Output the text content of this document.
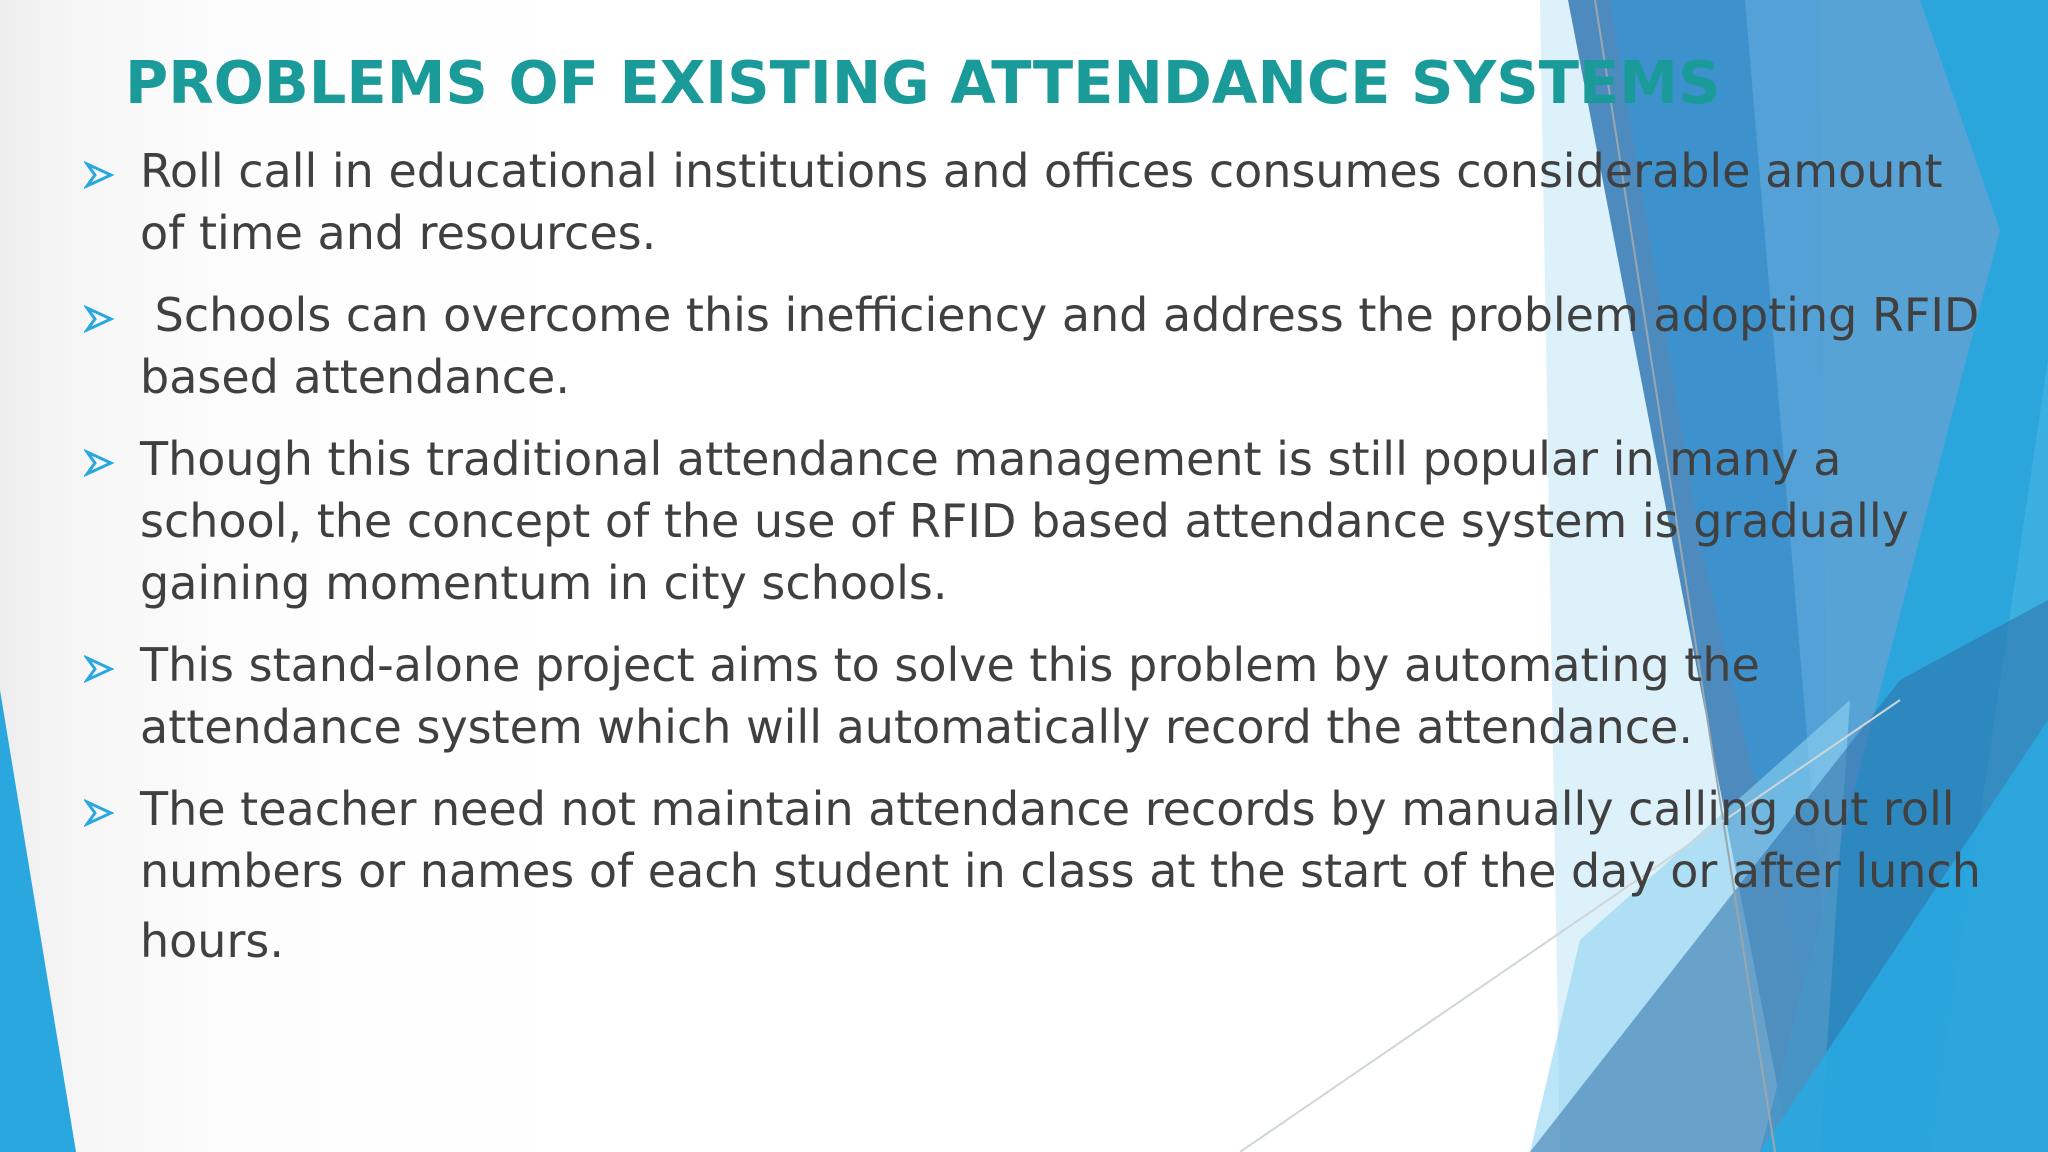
PROBLEMS OF EXISTING ATTENDANCE SYSTEMS
Roll call in educational institutions and offices consumes considerable amount
of time and resources.
Schools can overcome this inefficiency and address the problem adopting RFID
based attendance.
Though this traditional attendance management is still popular in many a
school, the concept of the use of RFID based attendance system is gradually
gaining momentum in city schools.
This stand-alone project aims to solve this problem by automating the
attendance system which will automatically record the attendance.
The teacher need not maintain attendance records by manually calling out roll
numbers or names of each student in class at the start of the day or after lunch
hours.
